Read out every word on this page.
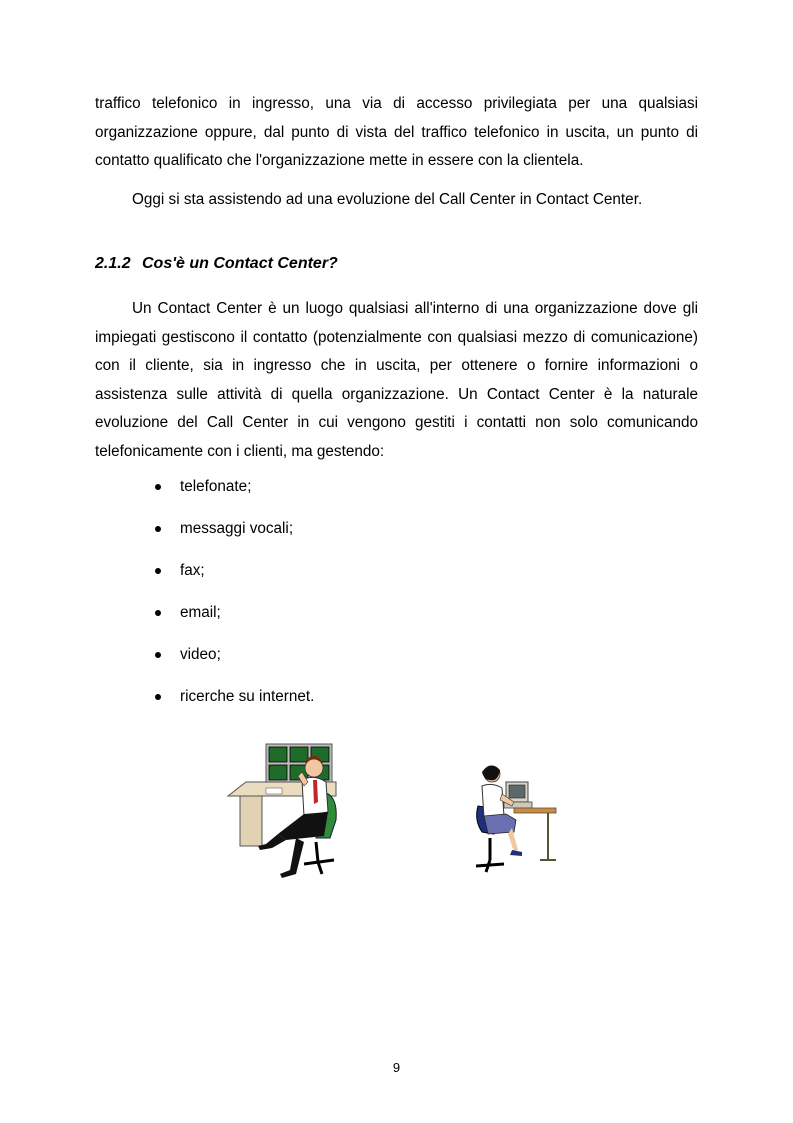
traffico telefonico in ingresso, una via di accesso privilegiata per una qualsiasi organizzazione oppure, dal punto di vista del traffico telefonico in uscita, un punto di contatto qualificato che l'organizzazione mette in essere con la clientela.

Oggi si sta assistendo ad una evoluzione del Call Center in Contact Center.

2.1.2 Cos'è un Contact Center?

Un Contact Center è un luogo qualsiasi all'interno di una organizzazione dove gli impiegati gestiscono il contatto (potenzialmente con qualsiasi mezzo di comunicazione) con il cliente, sia in ingresso che in uscita, per ottenere o fornire informazioni o assistenza sulle attività di quella organizzazione. Un Contact Center è la naturale evoluzione del Call Center in cui vengono gestiti i contatti non solo comunicando telefonicamente con i clienti, ma gestendo:

telefonate;
messaggi vocali;
fax;
email;
video;
ricerche su internet.

9
